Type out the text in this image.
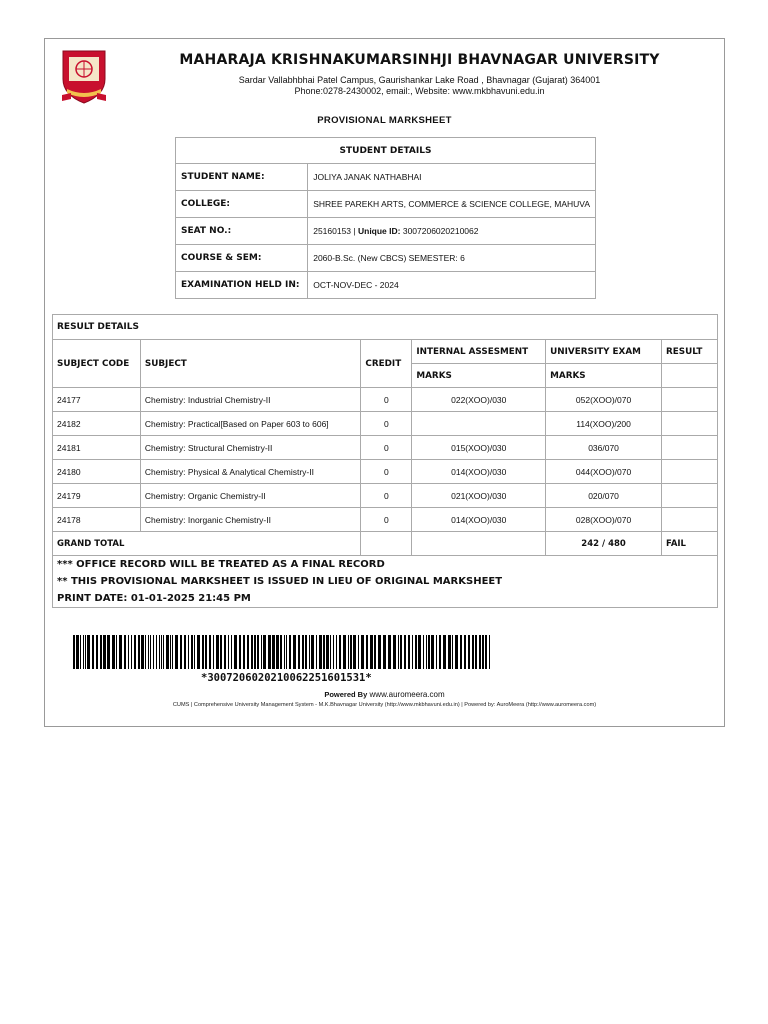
MAHARAJA KRISHNAKUMARSINHJI BHAVNAGAR UNIVERSITY
Sardar Vallabhbhai Patel Campus, Gaurishankar Lake Road , Bhavnagar (Gujarat) 364001
Phone:0278-2430002, email:, Website: www.mkbhavuni.edu.in
PROVISIONAL MARKSHEET
STUDENT DETAILS	
STUDENT NAME:	JOLIYA JANAK NATHABHAI
COLLEGE:	SHREE PAREKH ARTS, COMMERCE & SCIENCE COLLEGE, MAHUVA
SEAT NO.:	25160153 | Unique ID: 3007206020210062
COURSE & SEM:	2060-B.Sc. (New CBCS) SEMESTER: 6
EXAMINATION HELD IN:	OCT-NOV-DEC - 2024
RESULT DETAILS					
SUBJECT CODE	SUBJECT	CREDIT	INTERNAL ASSESMENT	UNIVERSITY EXAM	RESULT
			MARKS	MARKS	
24177	Chemistry: Industrial Chemistry-II	0	022(XOO)/030	052(XOO)/070	
24182	Chemistry: Practical[Based on Paper 603 to 606]	0		114(XOO)/200	
24181	Chemistry: Structural Chemistry-II	0	015(XOO)/030	036/070	
24180	Chemistry: Physical & Analytical Chemistry-II	0	014(XOO)/030	044(XOO)/070	
24179	Chemistry: Organic Chemistry-II	0	021(XOO)/030	020/070	
24178	Chemistry: Inorganic Chemistry-II	0	014(XOO)/030	028(XOO)/070	
GRAND TOTAL				242 / 480	FAIL

*** OFFICE RECORD WILL BE TREATED AS A FINAL RECORD
** THIS PROVISIONAL MARKSHEET IS ISSUED IN LIEU OF ORIGINAL MARKSHEET
PRINT DATE: 01-01-2025 21:45 PM					
*3007206020210062251601531*
Powered By www.auromeera.com
CUMS | Comprehensive University Management System - M.K.Bhavnagar University (http://www.mkbhavuni.edu.in) | Powered by: AuroMeera (http://www.auromeera.com)
